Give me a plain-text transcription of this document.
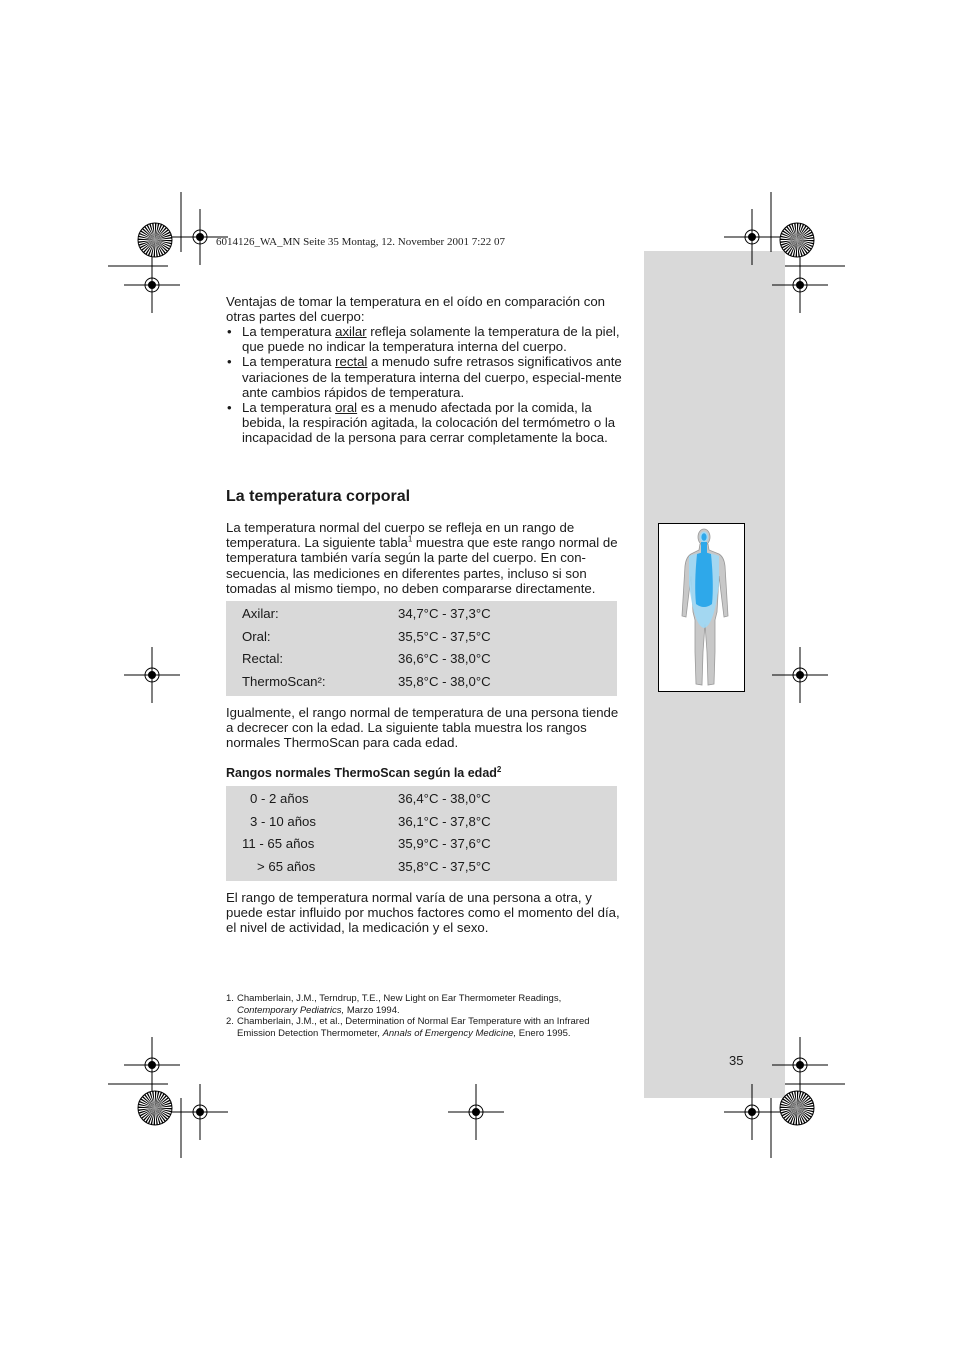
6014126_WA_MN Seite 35 Montag, 12. November 2001 7:22 07
Ventajas de tomar la temperatura en el oído en comparación con otras partes del cuerpo:
• La temperatura axilar refleja solamente la temperatura de la piel, que puede no indicar la temperatura interna del cuerpo.
• La temperatura rectal a menudo sufre retrasos significativos ante variaciones de la temperatura interna del cuerpo, especial-mente ante cambios rápidos de temperatura.
• La temperatura oral es a menudo afectada por la comida, la bebida, la respiración agitada, la colocación del termómetro o la incapacidad de la persona para cerrar completamente la boca.
La temperatura corporal
La temperatura normal del cuerpo se refleja en un rango de temperatura. La siguiente tabla$^1$ muestra que este rango normal de temperatura también varía según la parte del cuerpo. En con-secuencia, las mediciones en diferentes partes, incluso si son tomadas al mismo tiempo, no deben compararse directamente.
Axilar:	34,7°C - 37,3°C
Oral:	35,5°C - 37,5°C
Rectal:	36,6°C - 38,0°C
ThermoScan²:	35,8°C - 38,0°C
Igualmente, el rango normal de temperatura de una persona tiende a decrecer con la edad. La siguiente tabla muestra los rangos normales ThermoScan para cada edad.
Rangos normales ThermoScan según la edad$^2$
0 - 2 años	36,4°C - 38,0°C
3 - 10 años	36,1°C - 37,8°C
11 - 65 años	35,9°C - 37,6°C
> 65 años	35,8°C - 37,5°C
El rango de temperatura normal varía de una persona a otra, y puede estar influido por muchos factores como el momento del día, el nivel de actividad, la medicación y el sexo.
1. Chamberlain, J.M., Terndrup, T.E., New Light on Ear Thermometer Readings,
Contemporary Pediatrics, Marzo 1994.
2. Chamberlain, J.M., et al., Determination of Normal Ear Temperature with an Infrared Emission Detection Thermometer, Annals of Emergency Medicine, Enero 1995.
35
